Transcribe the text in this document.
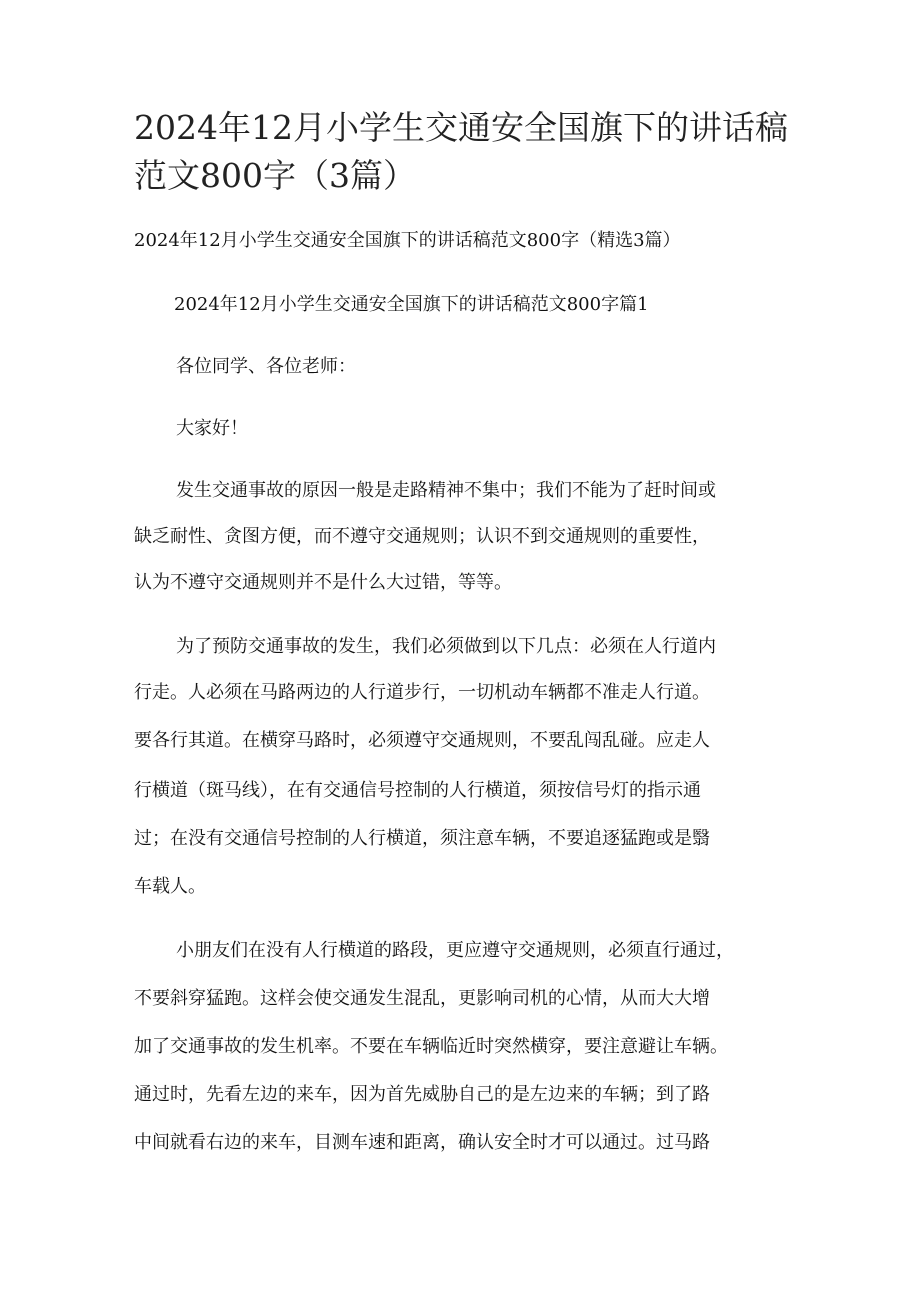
2024年12月小学生交通安全国旗下的讲话稿
范文800字（3篇）

2024年12月小学生交通安全国旗下的讲话稿范文800字（精选3篇）

2024年12月小学生交通安全国旗下的讲话稿范文800字篇1

各位同学、各位老师：

大家好！

发生交通事故的原因一般是走路精神不集中；我们不能为了赶时间或

缺乏耐性、贪图方便，而不遵守交通规则；认识不到交通规则的重要性，

认为不遵守交通规则并不是什么大过错，等等。

为了预防交通事故的发生，我们必须做到以下几点：必须在人行道内

行走。人必须在马路两边的人行道步行，一切机动车辆都不准走人行道。

要各行其道。在横穿马路时，必须遵守交通规则，不要乱闯乱碰。应走人

行横道（斑马线），在有交通信号控制的人行横道，须按信号灯的指示通

过；在没有交通信号控制的人行横道，须注意车辆，不要追逐猛跑或是翳

车载人。

小朋友们在没有人行横道的路段，更应遵守交通规则，必须直行通过，

不要斜穿猛跑。这样会使交通发生混乱，更影响司机的心情，从而大大增

加了交通事故的发生机率。不要在车辆临近时突然横穿，要注意避让车辆。

通过时，先看左边的来车，因为首先威胁自己的是左边来的车辆；到了路

中间就看右边的来车，目测车速和距离，确认安全时才可以通过。过马路
